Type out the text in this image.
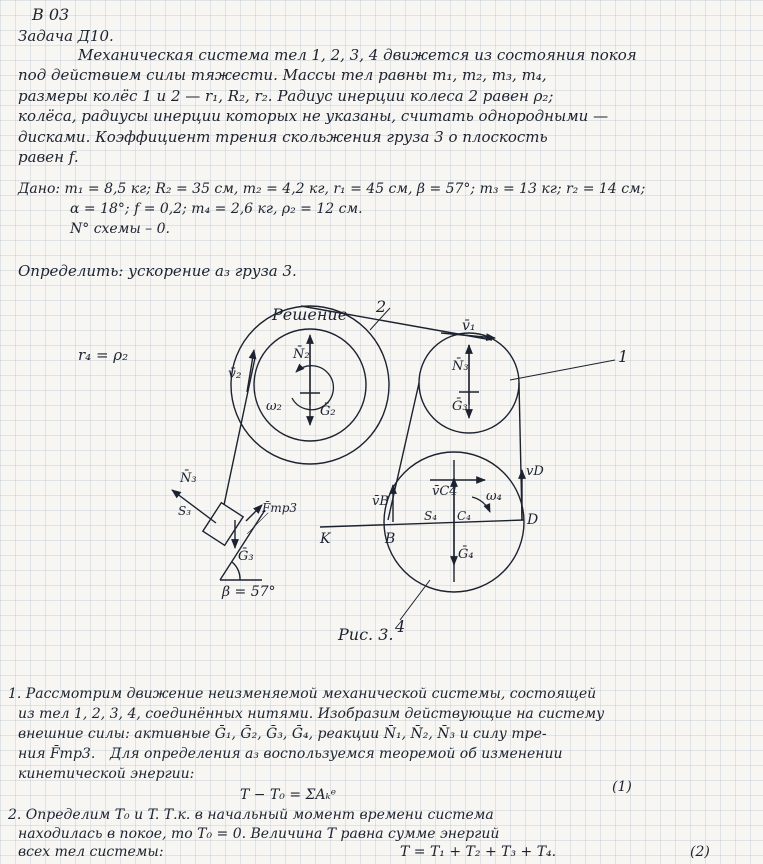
В 03
Задача Д10.
Механическая система тел 1, 2, 3, 4 движется из состояния покоя
под действием силы тяжести. Массы тел равны m₁, m₂, m₃, m₄,
размеры колёс 1 и 2 — r₁, R₂, r₂. Радиус инерции колеса 2 равен ρ₂;
колёса, радиусы инерции которых не указаны, считать однородными —
дисками. Коэффициент трения скольжения груза 3 о плоскость
равен f.
Дано: m₁ = 8,5 кг; R₂ = 35 см, m₂ = 4,2 кг, r₁ = 45 см, β = 57°; m₃ = 13 кг; r₂ = 14 см;
α = 18°; f = 0,2; m₄ = 2,6 кг, ρ₂ = 12 см.
N° схемы – 0.
Определить: ускорение a₃ груза 3.
Решение 2
1
4
r₄ = ρ₂
v̄₁
v̄₂
N̄₂
Ḡ₂
ω₂
N̄₃
Ḡ₃
v̄C4 ω₄
vD
v̄B
S₄ C₄
Ḡ₄
K	B
D
N̄₃
Ḡ₃
F̄тр3
S₃
β = 57°
Рис. 3.
1. Рассмотрим движение неизменяемой механической системы, состоящей
из тел 1, 2, 3, 4, соединённых нитями. Изобразим действующие на систему
внешние силы: активные Ḡ₁, Ḡ₂, Ḡ₃, Ḡ₄, реакции N̄₁, N̄₂, N̄₃ и силу тре-
ния F̄тр3. Для определения a₃ воспользуемся теоремой об изменении
кинетической энергии:
T − T₀ = ΣAₖᵉ	(1)
2. Определим T₀ и T. Т.к. в начальный момент времени система
находилась в покое, то T₀ = 0. Величина T равна сумме энергий
всех тел системы:	T = T₁ + T₂ + T₃ + T₄.	(2)
